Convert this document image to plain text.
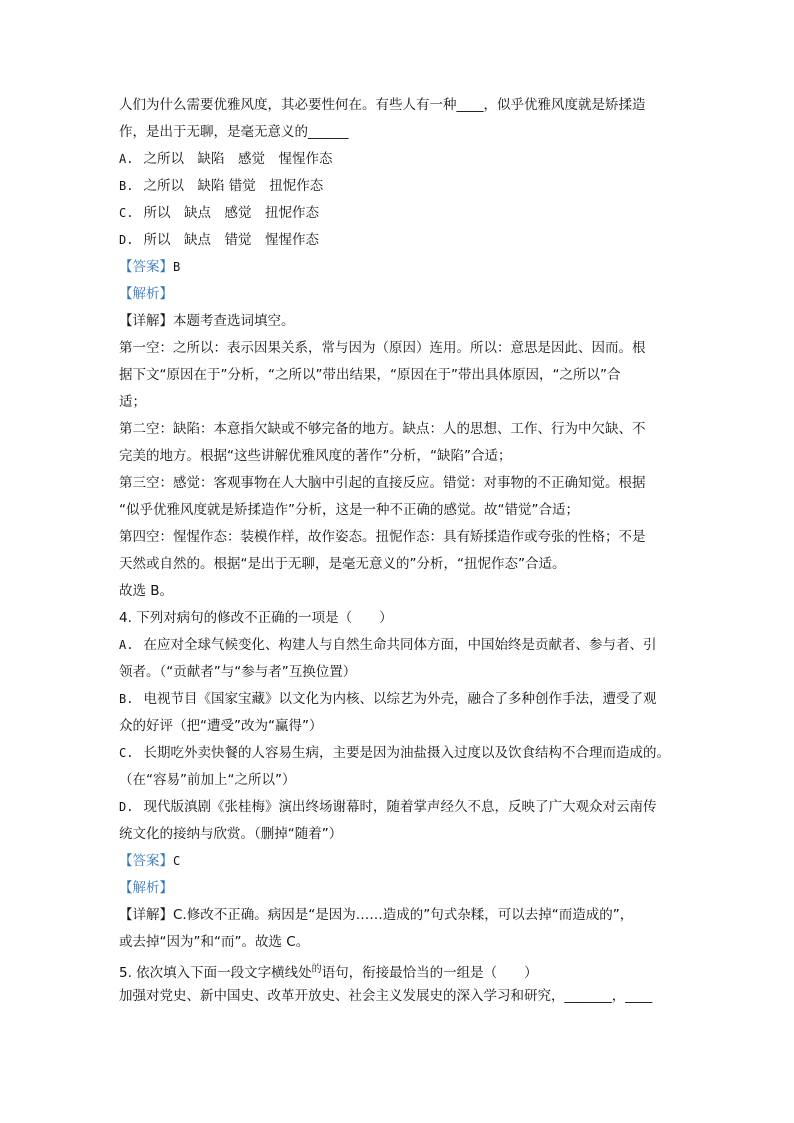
人们为什么需要优雅风度，其必要性何在。有些人有一种____，似乎优雅风度就是矫揉造
作，是出于无聊，是毫无意义的______
A. 之所以　缺陷　感觉　惺惺作态
B. 之所以　缺陷 错觉　扭怩作态
C. 所以　缺点　感觉　扭怩作态
D. 所以　缺点　错觉　惺惺作态
【答案】B
【解析】
【详解】本题考查选词填空。
第一空：之所以：表示因果关系，常与因为（原因）连用。所以：意思是因此、因而。根
据下文“原因在于”分析，“之所以”带出结果，“原因在于”带出具体原因，“之所以”合
适；
第二空：缺陷：本意指欠缺或不够完备的地方。缺点：人的思想、工作、行为中欠缺、不
完美的地方。根据“这些讲解优雅风度的著作”分析，“缺陷”合适；
第三空：感觉：客观事物在人大脑中引起的直接反应。错觉：对事物的不正确知觉。根据
“似乎优雅风度就是矫揉造作”分析，这是一种不正确的感觉。故“错觉”合适；
第四空：惺惺作态：装模作样，故作姿态。扭怩作态：具有矫揉造作或夸张的性格；不是
天然或自然的。根据“是出于无聊，是毫无意义的”分析，“扭怩作态”合适。
故选 B。
4. 下列对病句的修改不正确的一项是（　　）
A. 在应对全球气候变化、构建人与自然生命共同体方面，中国始终是贡献者、参与者、引
领者。（“贡献者”与“参与者”互换位置）
B. 电视节目《国家宝藏》以文化为内核、以综艺为外壳，融合了多种创作手法，遭受了观
众的好评（把“遭受”改为“赢得”）
C. 长期吃外卖快餐的人容易生病，主要是因为油盐摄入过度以及饮食结构不合理而造成的。
（在“容易”前加上“之所以”）
D. 现代版滇剧《张桂梅》演出终场谢幕时，随着掌声经久不息，反映了广大观众对云南传
统文化的接纳与欣赏。（删掉“随着”）
【答案】C
【解析】
【详解】C.修改不正确。病因是“是因为……造成的”句式杂糅，可以去掉“而造成的”，
或去掉“因为”和“而”。故选 C。
5. 依次填入下面一段文字横线处$^的$语句，衔接最恰当的一组是（　　）
加强对党史、新中国史、改革开放史、社会主义发展史的深入学习和研究，_______，____
